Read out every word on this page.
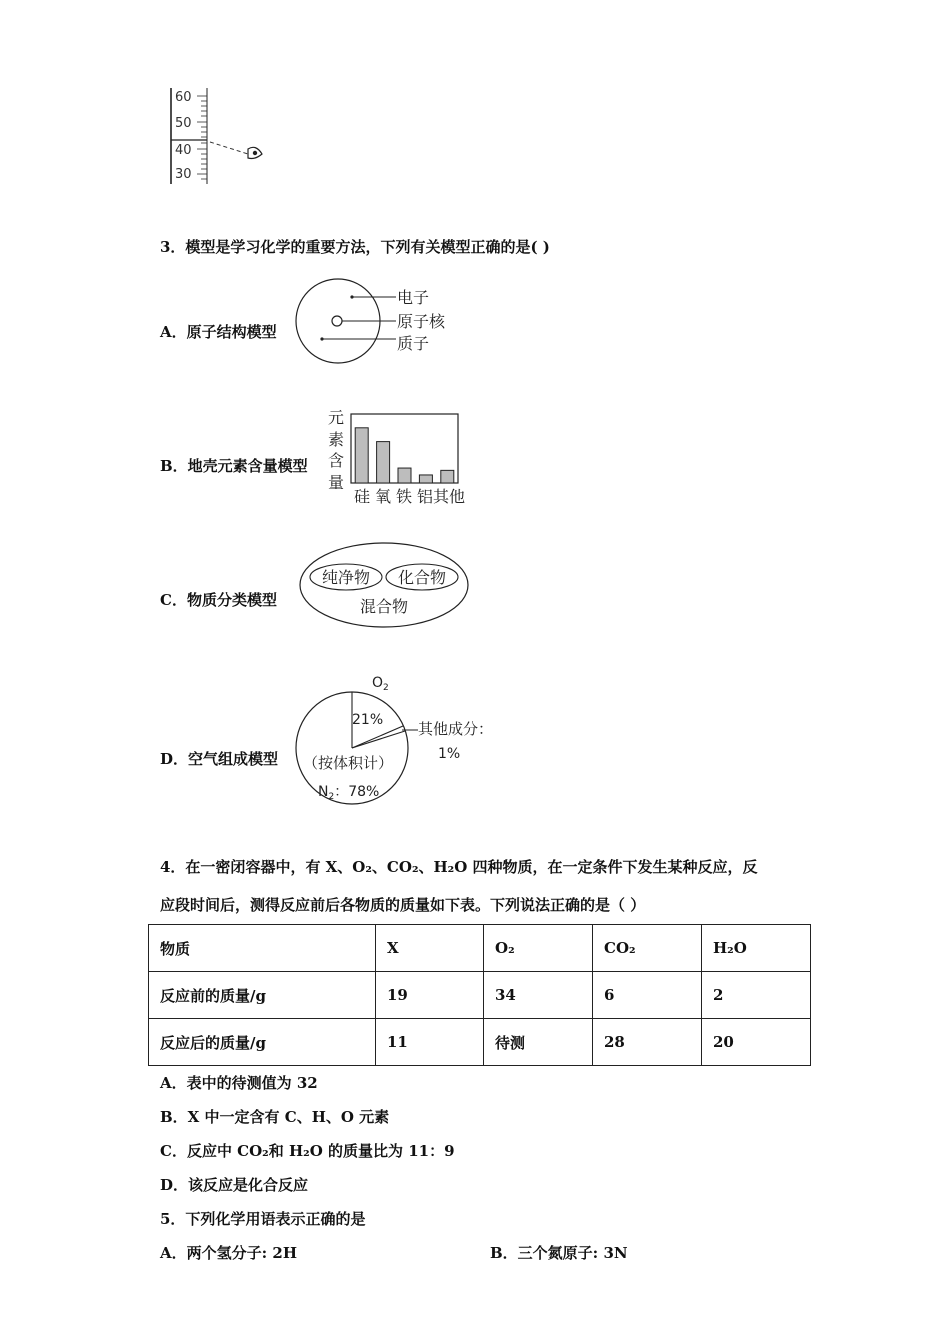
60
50
40
30
3．模型是学习化学的重要方法，下列有关模型正确的是( )
A．原子结构模型
电子
原子核
质子
B．地壳元素含量模型
元
素
含
量
硅 氧 铁 铝 其他
C．物质分类模型
纯净物 化合物
混合物
D．空气组成模型
$O_2$
21% 其他成分：
1%
（按体积计）
$N_2$：78%
4．在一密闭容器中，有 X、O₂、CO₂、H₂O 四种物质，在一定条件下发生某种反应，反
应段时间后，测得反应前后各物质的质量如下表。下列说法正确的是（ ）
物质	X	O₂	CO₂	H₂O
反应前的质量/g	19	34	6	2
反应后的质量/g	11	待测	28	20
A．表中的待测值为 32
B．X 中一定含有 C、H、O 元素
C．反应中 CO₂和 H₂O 的质量比为 11：9
D．该反应是化合反应
5．下列化学用语表示正确的是
A．两个氢分子: 2H	B．三个氮原子: 3N
